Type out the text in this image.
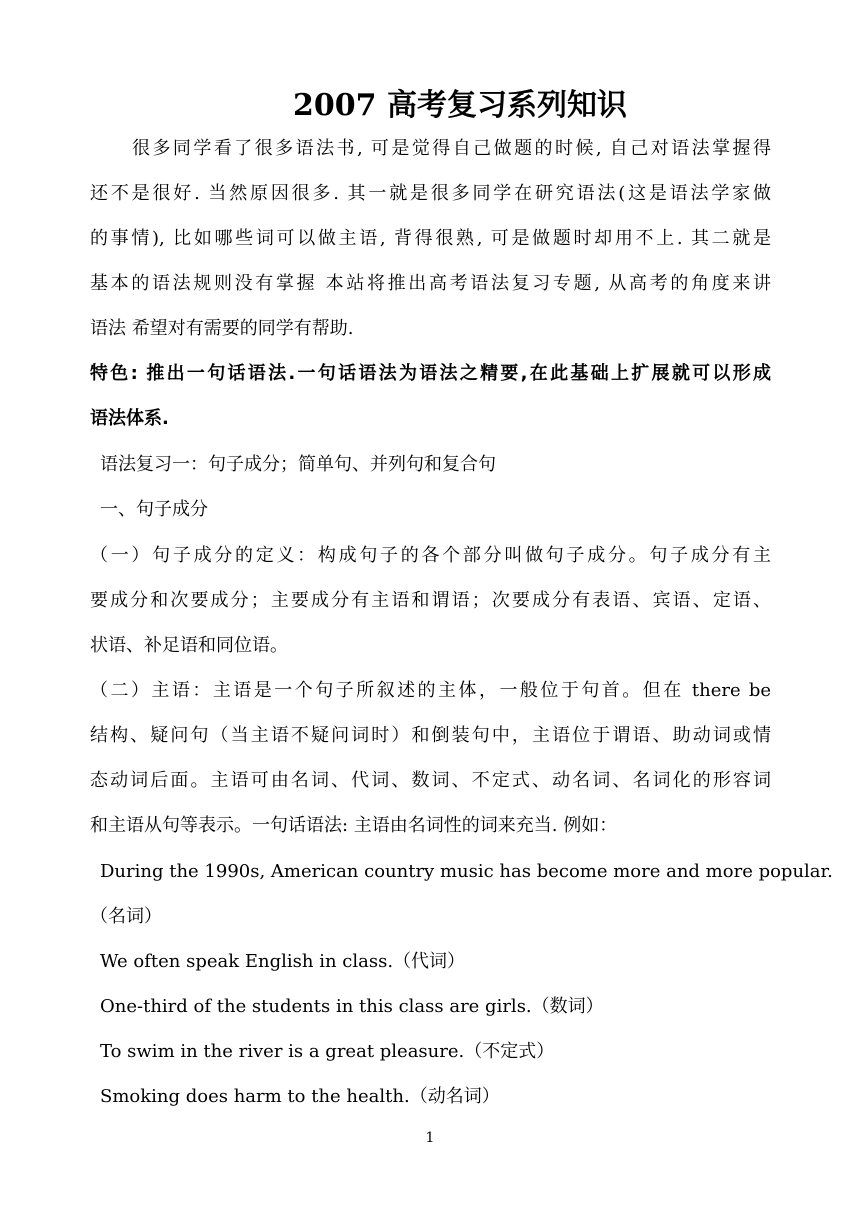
2007 高考复习系列知识
很多同学看了很多语法书, 可是觉得自己做题的时候, 自己对语法掌握得
还不是很好. 当然原因很多. 其一就是很多同学在研究语法(这是语法学家做
的事情), 比如哪些词可以做主语, 背得很熟, 可是做题时却用不上. 其二就是
基本的语法规则没有掌握 本站将推出高考语法复习专题, 从高考的角度来讲
语法 希望对有需要的同学有帮助.
特色: 推出一句话语法.一句话语法为语法之精要,在此基础上扩展就可以形成
语法体系.
语法复习一：句子成分；简单句、并列句和复合句
一、句子成分
（一）句子成分的定义：构成句子的各个部分叫做句子成分。句子成分有主
要成分和次要成分；主要成分有主语和谓语；次要成分有表语、宾语、定语、
状语、补足语和同位语。
（二）主语：主语是一个句子所叙述的主体，一般位于句首。但在 there be
结构、疑问句（当主语不疑问词时）和倒装句中，主语位于谓语、助动词或情
态动词后面。主语可由名词、代词、数词、不定式、动名词、名词化的形容词
和主语从句等表示。一句话语法: 主语由名词性的词来充当. 例如：
During the 1990s, American country music has become more and more popular.
（名词）
We often speak English in class.（代词）
One-third of the students in this class are girls.（数词）
To swim in the river is a great pleasure.（不定式）
Smoking does harm to the health.（动名词）
1
